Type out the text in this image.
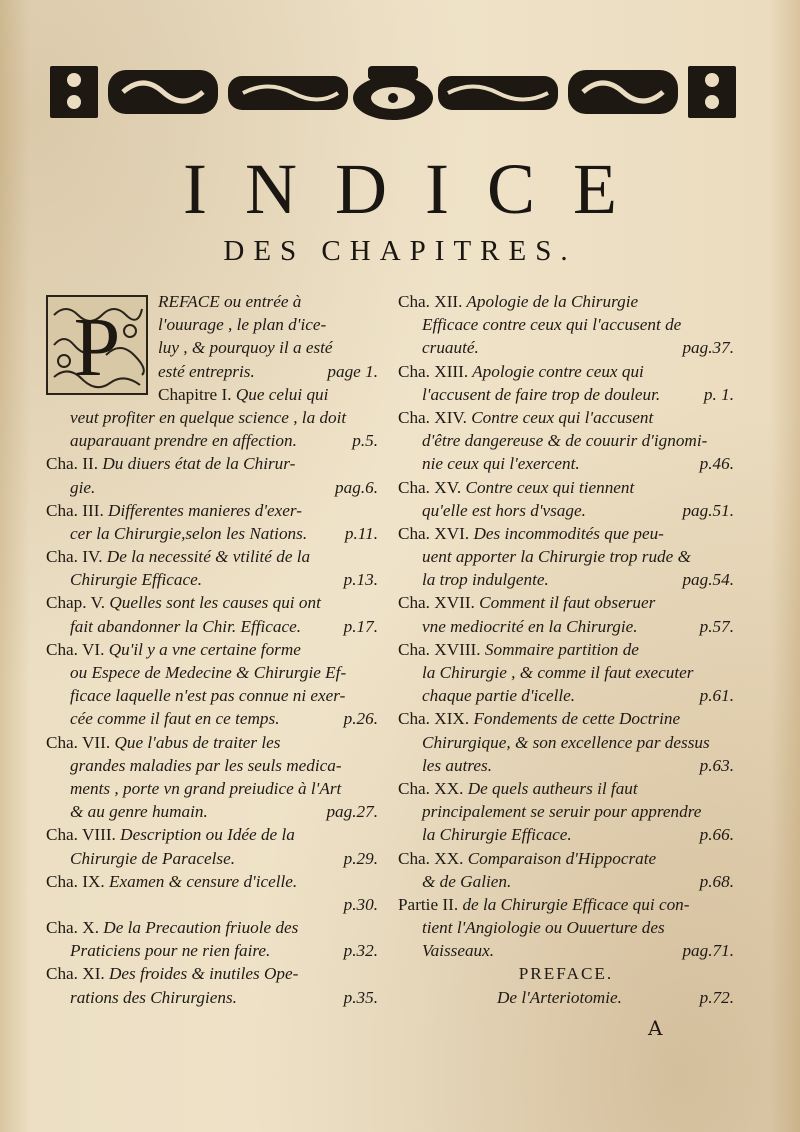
INDICE
DES CHAPITRES.
P	REFACE ou entrée à
l'ouurage , le plan d'ice-
luy , & pourquoy il a esté
esté entrepris.	page 1.
Chapitre I. Que celui qui
veut profiter en quelque science , la doit
auparauant prendre en affection.	p.5.
Cha. II. Du diuers état de la Chirur-
gie.	pag.6.
Cha. III. Differentes manieres d'exer-
cer la Chirurgie,selon les Nations. p.11.
Cha. IV. De la necessité & vtilité de la
Chirurgie Efficace.	p.13.
Chap. V. Quelles sont les causes qui ont
fait abandonner la Chir. Efficace. p.17.
Cha. VI. Qu'il y a vne certaine forme
ou Espece de Medecine & Chirurgie Ef-
ficace laquelle n'est pas connue ni exer-
cée comme il faut en ce temps.	p.26.
Cha. VII. Que l'abus de traiter les
grandes maladies par les seuls medica-
ments , porte vn grand preiudice à l'Art
& au genre humain.	pag.27.
Cha. VIII. Description ou Idée de la
Chirurgie de Paracelse.	p.29.
Cha. IX. Examen & censure d'icelle.
p.30.
Cha. X. De la Precaution friuole des
Praticiens pour ne rien faire.	p.32.
Cha. XI. Des froides & inutiles Ope-
rations des Chirurgiens.	p.35.
Cha. XII. Apologie de la Chirurgie
Efficace contre ceux qui l'accusent de
cruauté.	pag.37.
Cha. XIII. Apologie contre ceux qui
l'accusent de faire trop de douleur.	p. 1.
Cha. XIV. Contre ceux qui l'accusent
d'être dangereuse & de couurir d'ignomi-
nie ceux qui l'exercent.	p.46.
Cha. XV. Contre ceux qui tiennent
qu'elle est hors d'vsage.	pag.51.
Cha. XVI. Des incommodités que peu-
uent apporter la Chirurgie trop rude &
la trop indulgente.	pag.54.
Cha. XVII. Comment il faut obseruer
vne mediocrité en la Chirurgie.	p.57.
Cha. XVIII. Sommaire partition de
la Chirurgie , & comme il faut executer
chaque partie d'icelle.	p.61.
Cha. XIX. Fondements de cette Doctrine
Chirurgique, & son excellence par dessus
les autres.	p.63.
Cha. XX. De quels autheurs il faut
principalement se seruir pour apprendre
la Chirurgie Efficace.	p.66.
Cha. XX. Comparaison d'Hippocrate
& de Galien.	p.68.
Partie II. de la Chirurgie Efficace qui con-
tient l'Angiologie ou Ouuerture des
Vaisseaux.	pag.71.
PREFACE.
De l'Arteriotomie.	p.72.
A
